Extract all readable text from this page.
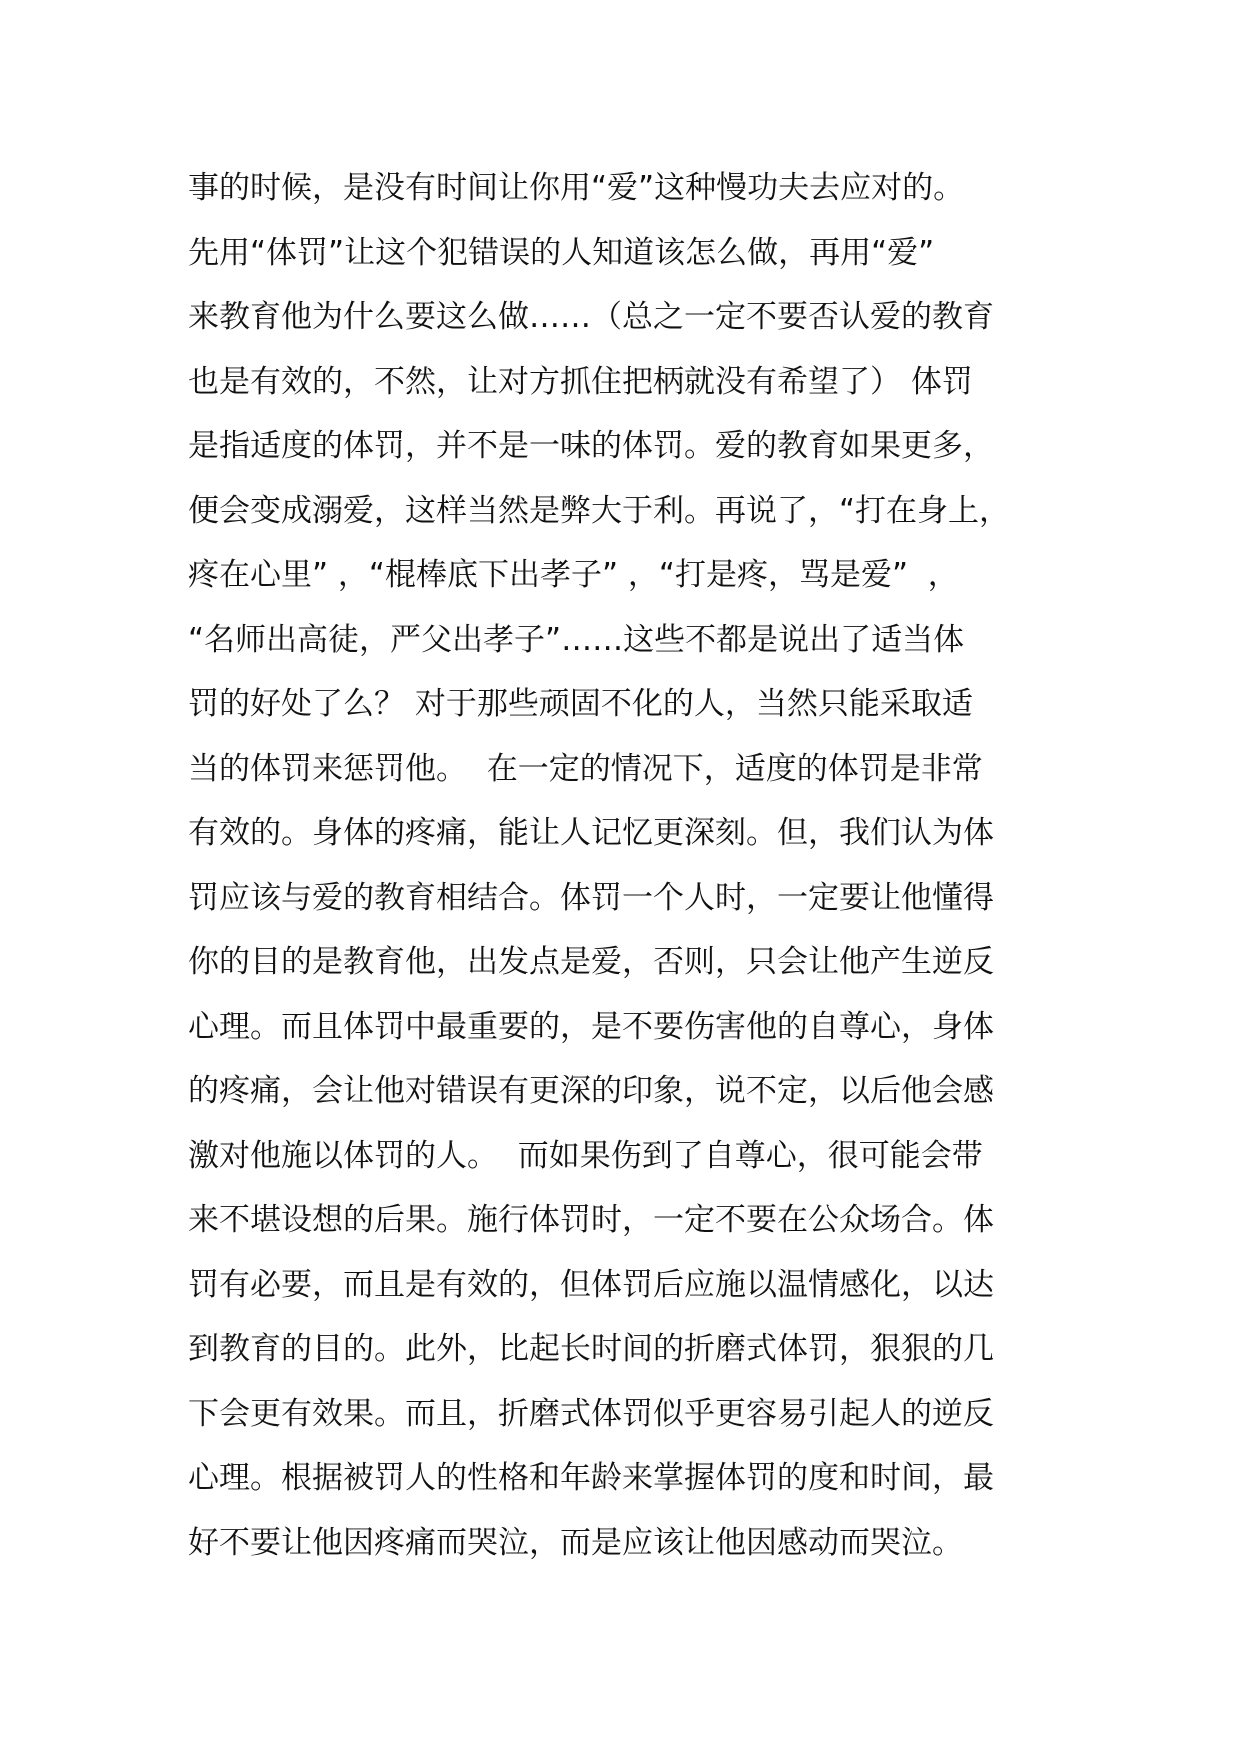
事的时候，是没有时间让你用“爱”这种慢功夫去应对的。
先用“体罚”让这个犯错误的人知道该怎么做，再用“爱”
来教育他为什么要这么做……（总之一定不要否认爱的教育
也是有效的，不然，让对方抓住把柄就没有希望了） 体罚
是指适度的体罚，并不是一味的体罚。爱的教育如果更多，
便会变成溺爱，这样当然是弊大于利。再说了，“打在身上，
疼在心里” ，“棍棒底下出孝子” ，“打是疼，骂是爱”  ，
“名师出高徒，严父出孝子”……这些不都是说出了适当体
罚的好处了么？ 对于那些顽固不化的人，当然只能采取适
当的体罚来惩罚他。  在一定的情况下，适度的体罚是非常
有效的。身体的疼痛，能让人记忆更深刻。但，我们认为体
罚应该与爱的教育相结合。体罚一个人时，一定要让他懂得
你的目的是教育他，出发点是爱，否则，只会让他产生逆反
心理。而且体罚中最重要的，是不要伤害他的自尊心，身体
的疼痛，会让他对错误有更深的印象，说不定，以后他会感
激对他施以体罚的人。  而如果伤到了自尊心，很可能会带
来不堪设想的后果。施行体罚时，一定不要在公众场合。体
罚有必要，而且是有效的，但体罚后应施以温情感化，以达
到教育的目的。此外，比起长时间的折磨式体罚，狠狠的几
下会更有效果。而且，折磨式体罚似乎更容易引起人的逆反
心理。根据被罚人的性格和年龄来掌握体罚的度和时间，最
好不要让他因疼痛而哭泣，而是应该让他因感动而哭泣。
